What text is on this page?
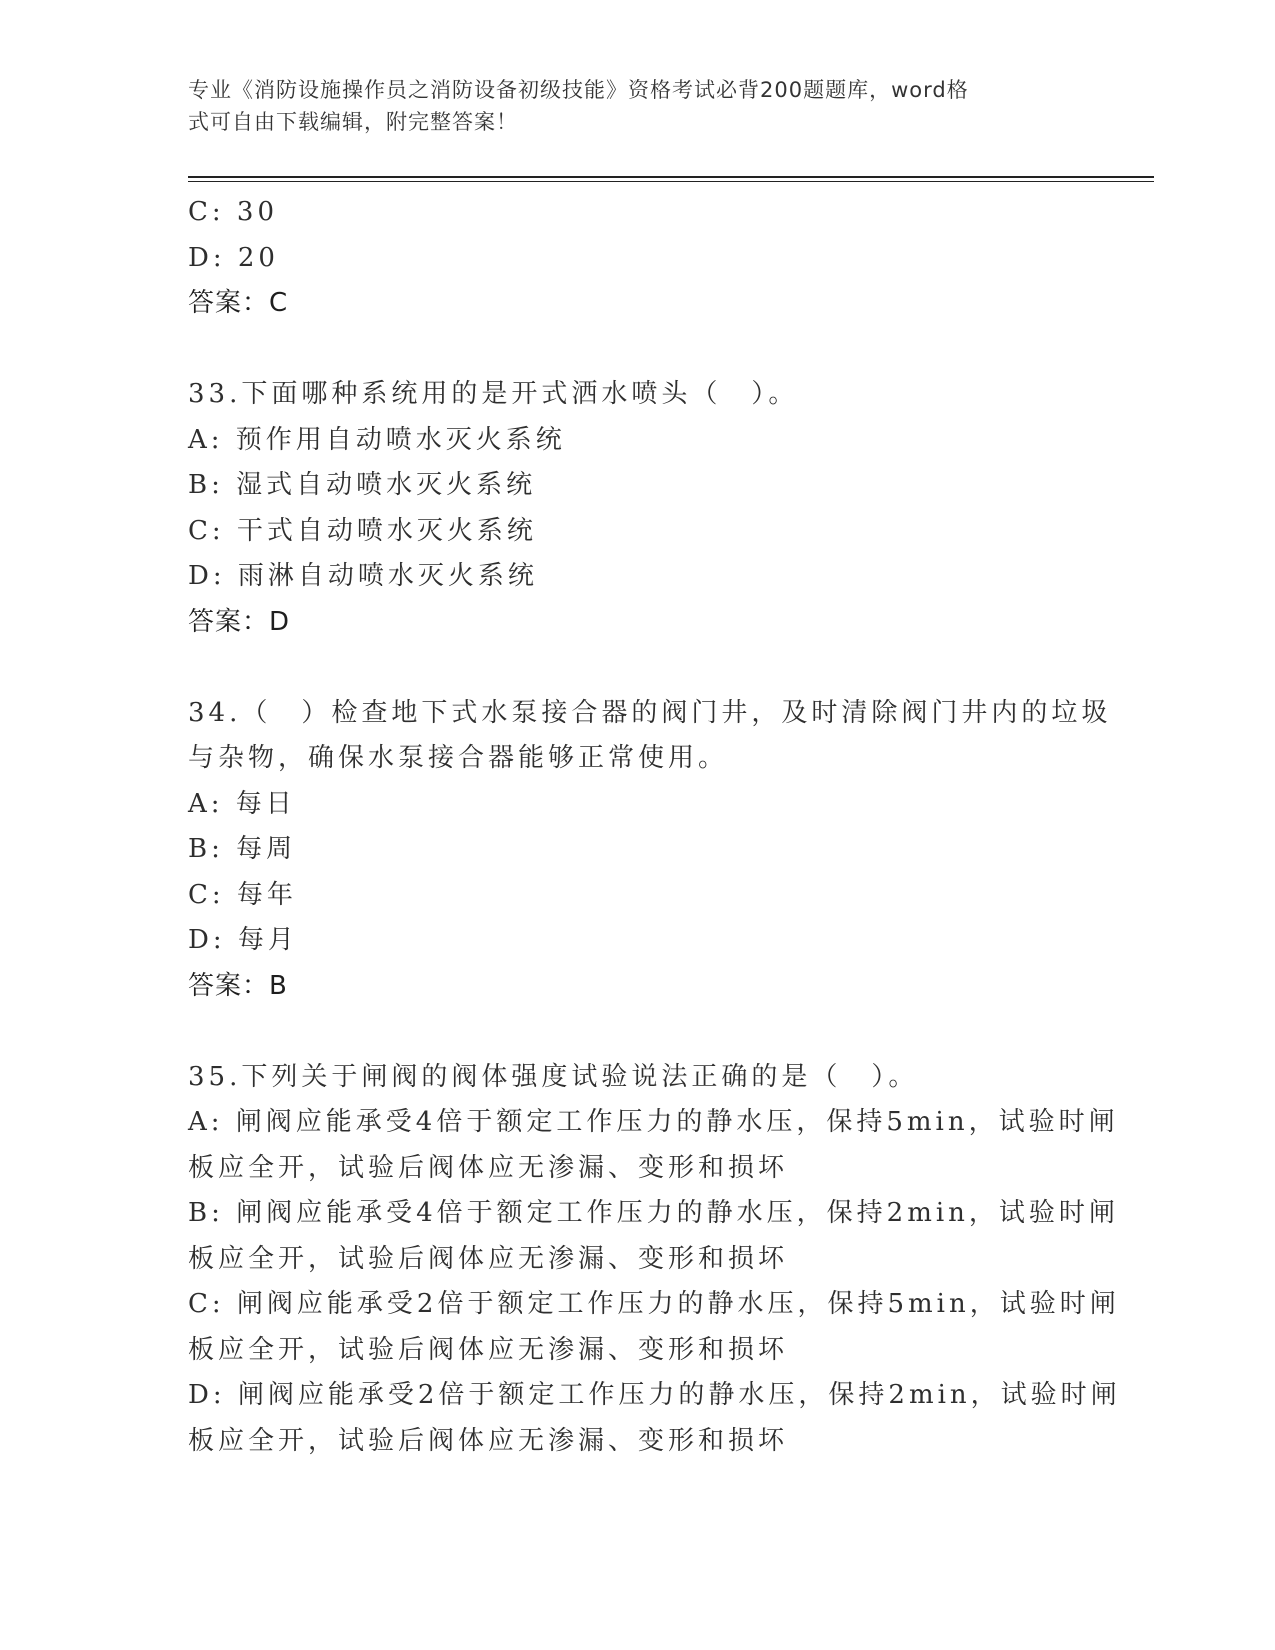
专业《消防设施操作员之消防设备初级技能》资格考试必背200题题库，word格
式可自由下载编辑，附完整答案！
C: 30
D: 20
答案：C
33.下面哪种系统用的是开式洒水喷头（　）。
A: 预作用自动喷水灭火系统
B: 湿式自动喷水灭火系统
C: 干式自动喷水灭火系统
D: 雨淋自动喷水灭火系统
答案：D
34.（　）检查地下式水泵接合器的阀门井，及时清除阀门井内的垃圾
与杂物，确保水泵接合器能够正常使用。
A: 每日
B: 每周
C: 每年
D: 每月
答案：B
35.下列关于闸阀的阀体强度试验说法正确的是（　）。
A: 闸阀应能承受4倍于额定工作压力的静水压，保持5min，试验时闸
板应全开，试验后阀体应无渗漏、变形和损坏
B: 闸阀应能承受4倍于额定工作压力的静水压，保持2min，试验时闸
板应全开，试验后阀体应无渗漏、变形和损坏
C: 闸阀应能承受2倍于额定工作压力的静水压，保持5min，试验时闸
板应全开，试验后阀体应无渗漏、变形和损坏
D: 闸阀应能承受2倍于额定工作压力的静水压，保持2min，试验时闸
板应全开，试验后阀体应无渗漏、变形和损坏
